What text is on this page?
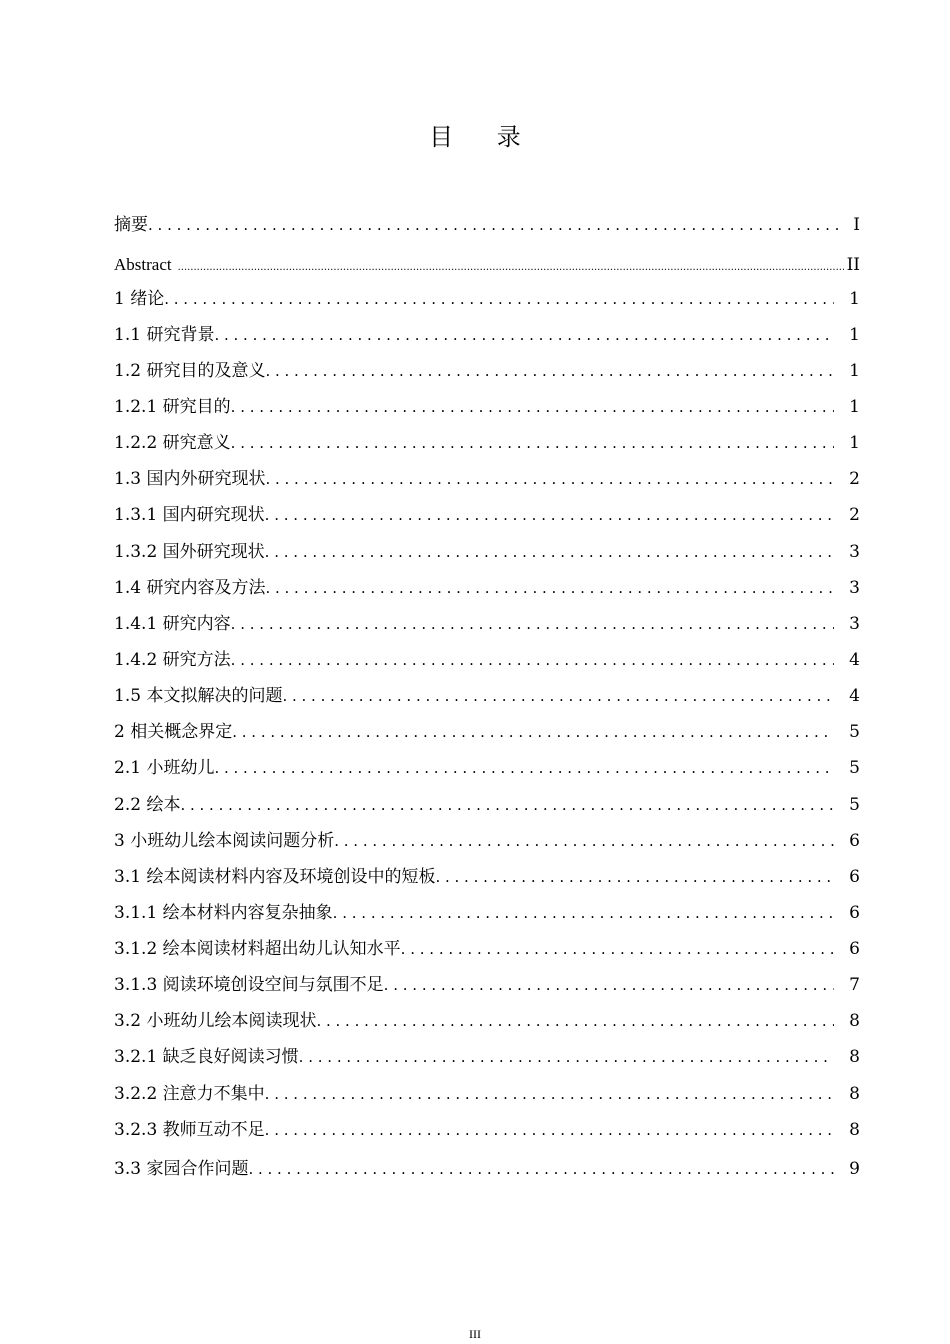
目 录
摘要 . . .	I
Abstract .....	II
1 绪论 . . .	1
1.1 研究背景 . . .	1
1.2 研究目的及意义 . . .	1
1.2.1 研究目的 . . .	1
1.2.2 研究意义 . . .	1
1.3 国内外研究现状 . . .	2
1.3.1 国内研究现状 . . .	2
1.3.2 国外研究现状 . . .	3
1.4 研究内容及方法 . . .	3
1.4.1 研究内容 . . .	3
1.4.2 研究方法 . . .	4
1.5 本文拟解决的问题 . . .	4
2 相关概念界定 . . .	5
2.1 小班幼儿 . . .	5
2.2 绘本 . . .	5
3 小班幼儿绘本阅读问题分析 . . .	6
3.1 绘本阅读材料内容及环境创设中的短板 . . .	6
3.1.1 绘本材料内容复杂抽象 . . .	6
3.1.2 绘本阅读材料超出幼儿认知水平 . . .	6
3.1.3 阅读环境创设空间与氛围不足 . . .	7
3.2 小班幼儿绘本阅读现状 . . .	8
3.2.1 缺乏良好阅读习惯 . . .	8
3.2.2 注意力不集中 . . .	8
3.2.3 教师互动不足 . . .	8
3.3 家园合作问题 . . .	9
III
